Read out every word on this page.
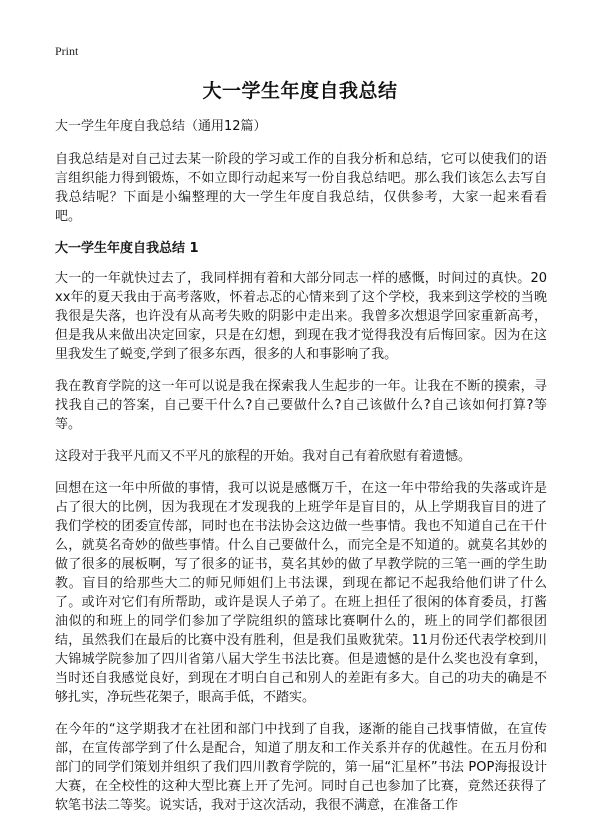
Print
大一学生年度自我总结

大一学生年度自我总结（通用12篇）

自我总结是对自己过去某一阶段的学习或工作的自我分析和总结，它可以使我们的语言组织能力得到锻炼，不如立即行动起来写一份自我总结吧。那么我们该怎么去写自我总结呢？下面是小编整理的大一学生年度自我总结，仅供参考，大家一起来看看吧。

大一学生年度自我总结 1

大一的一年就快过去了，我同样拥有着和大部分同志一样的感慨，时间过的真快。20xx年的夏天我由于高考落败，怀着忐忑的心情来到了这个学校，我来到这学校的当晚我很是失落，也许没有从高考失败的阴影中走出来。我曾多次想退学回家重新高考，但是我从来做出决定回家，只是在幻想，到现在我才觉得我没有后悔回家。因为在这里我发生了蜕变,学到了很多东西，很多的人和事影响了我。

我在教育学院的这一年可以说是我在探索我人生起步的一年。让我在不断的摸索，寻找我自己的答案，自己要干什么?自己要做什么?自己该做什么?自己该如何打算?等等。

这段对于我平凡而又不平凡的旅程的开始。我对自己有着欣慰有着遗憾。

回想在这一年中所做的事情，我可以说是感慨万千，在这一年中带给我的失落或许是占了很大的比例，因为我现在才发现我的上班学年是盲目的，从上学期我盲目的进了我们学校的团委宣传部，同时也在书法协会这边做一些事情。我也不知道自己在干什么，就莫名奇妙的做些事情。什么自己要做什么，而完全是不知道的。就莫名其妙的做了很多的展板啊，写了很多的证书，莫名其妙的做了早教学院的三笔一画的学生助教。盲目的给那些大二的师兄师姐们上书法课，到现在都记不起我给他们讲了什么了。或许对它们有所帮助，或许是误人子弟了。在班上担任了很闲的体育委员，打酱油似的和班上的同学们参加了学院组织的篮球比赛啊什么的，班上的同学们都很团结，虽然我们在最后的比赛中没有胜利，但是我们虽败犹荣。11月份还代表学校到川大锦城学院参加了四川省第八届大学生书法比赛。但是遗憾的是什么奖也没有拿到，当时还自我感觉良好，到现在才明白自己和别人的差距有多大。自己的功夫的确是不够扎实，净玩些花架子，眼高手低，不踏实。

在今年的“这学期我才在社团和部门中找到了自我，逐渐的能自己找事情做，在宣传部，在宣传部学到了什么是配合，知道了朋友和工作关系并存的优越性。在五月份和部门的同学们策划并组织了我们四川教育学院的，第一届“汇星杯”书法 POP海报设计大赛，在全校性的这种大型比赛上开了先河。同时自己也参加了比赛，竟然还获得了软笔书法二等奖。说实话，我对于这次活动，我很不满意，在准备工作
